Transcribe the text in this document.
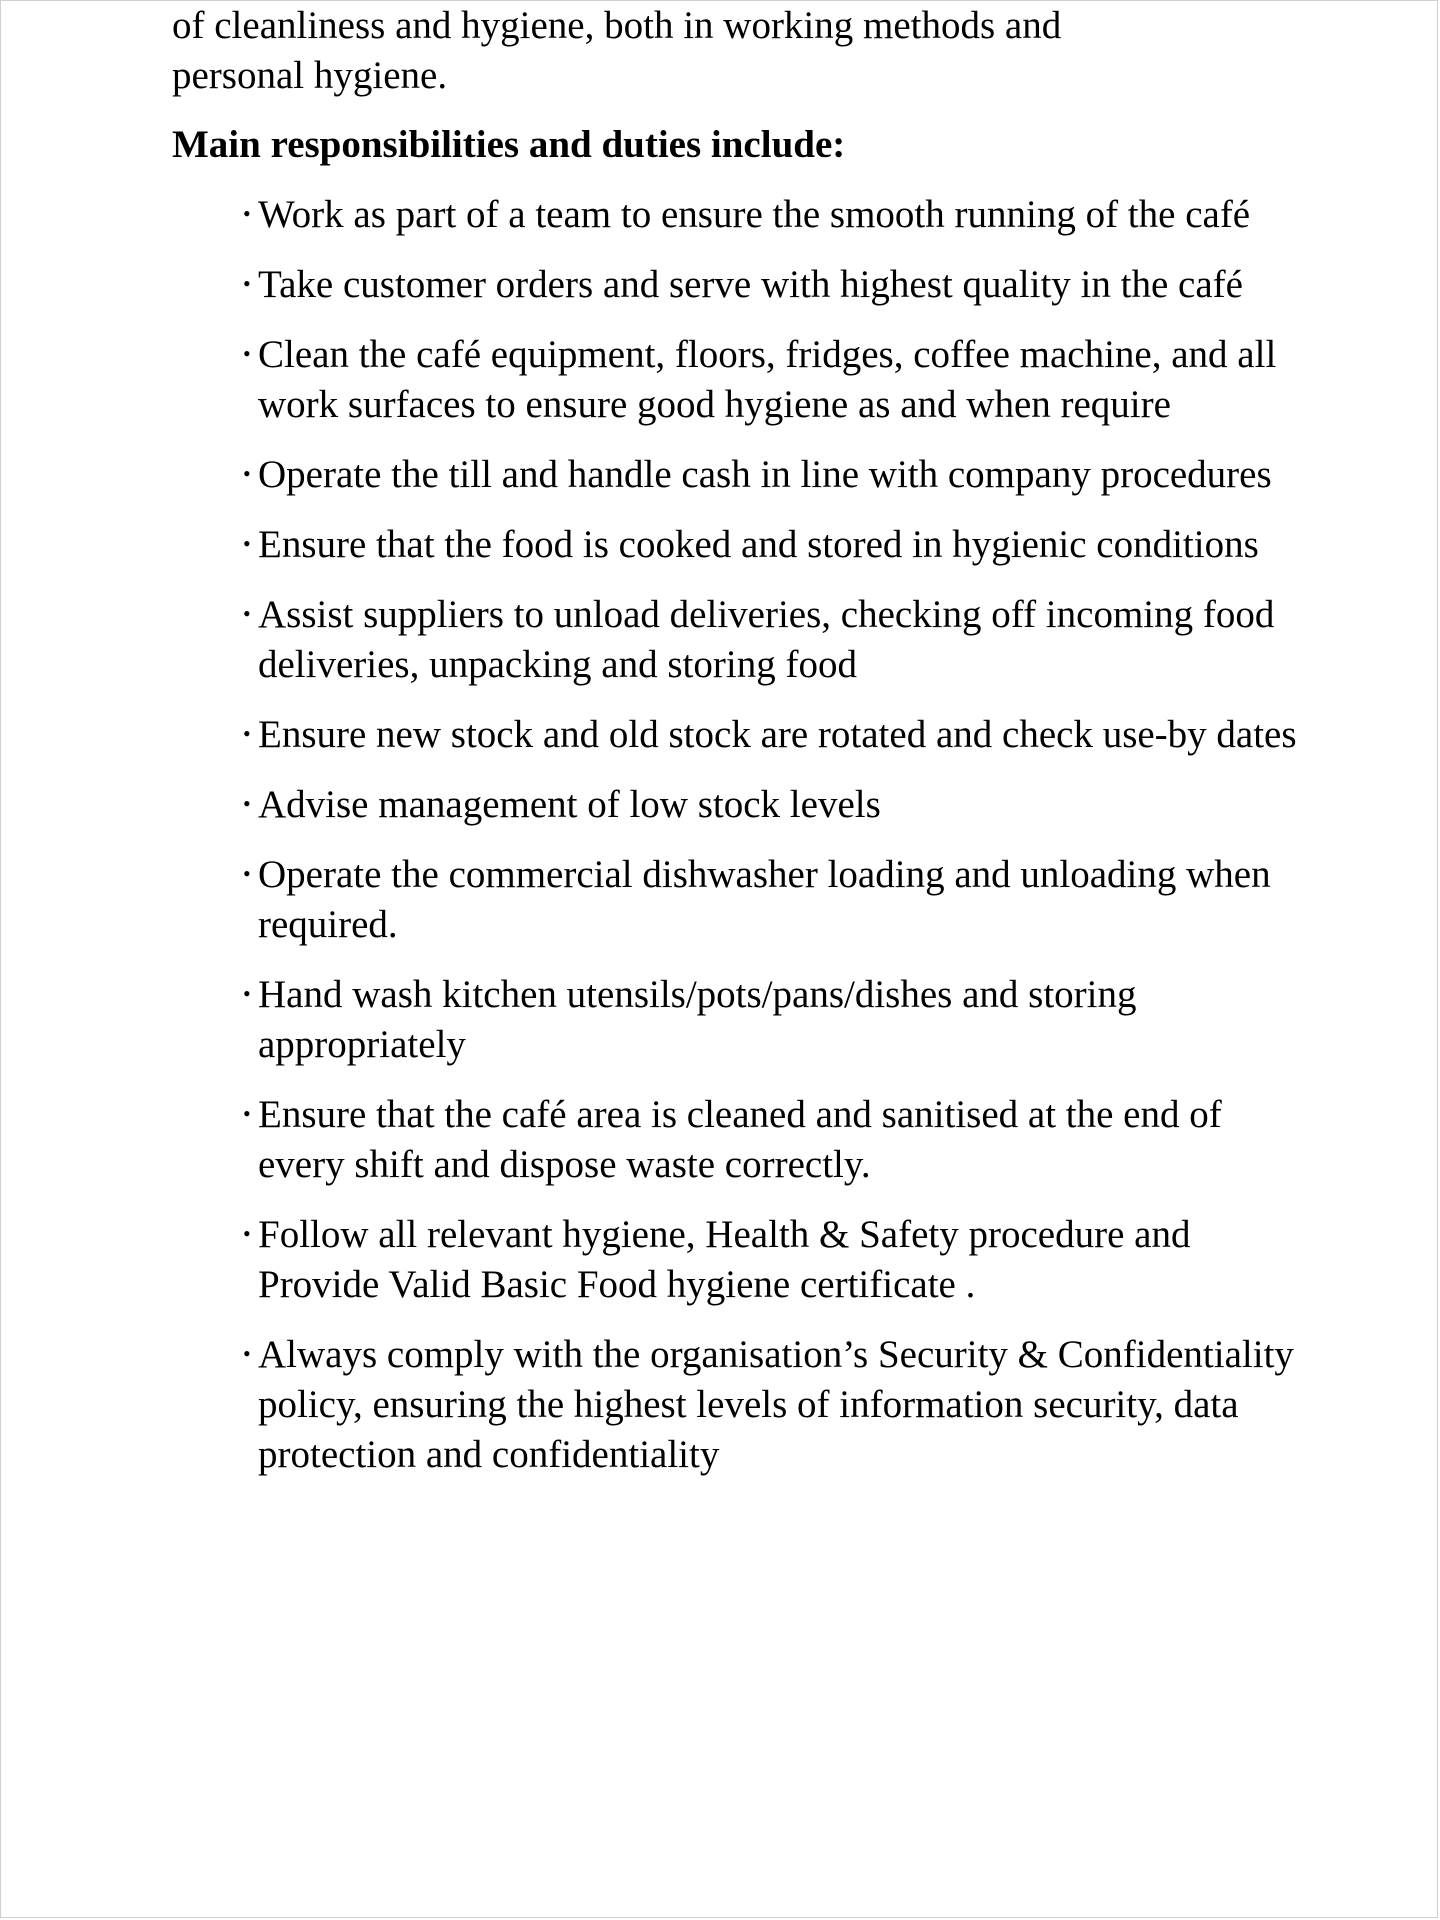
of cleanliness and hygiene, both in working methods and
personal hygiene.

Main responsibilities and duties include:

• Work as part of a team to ensure the smooth running of the café
• Take customer orders and serve with highest quality in the café
• Clean the café equipment, floors, fridges, coffee machine, and all work surfaces to ensure good hygiene as and when require
• Operate the till and handle cash in line with company procedures
• Ensure that the food is cooked and stored in hygienic conditions
• Assist suppliers to unload deliveries, checking off incoming food deliveries, unpacking and storing food
• Ensure new stock and old stock are rotated and check use-by dates
• Advise management of low stock levels
• Operate the commercial dishwasher loading and unloading when required.
• Hand wash kitchen utensils/pots/pans/dishes and storing appropriately
• Ensure that the café area is cleaned and sanitised at the end of every shift and dispose waste correctly.
• Follow all relevant hygiene, Health & Safety procedure and Provide Valid Basic Food hygiene certificate .
• Always comply with the organisation’s Security & Confidentiality policy, ensuring the highest levels of information security, data protection and confidentiality
